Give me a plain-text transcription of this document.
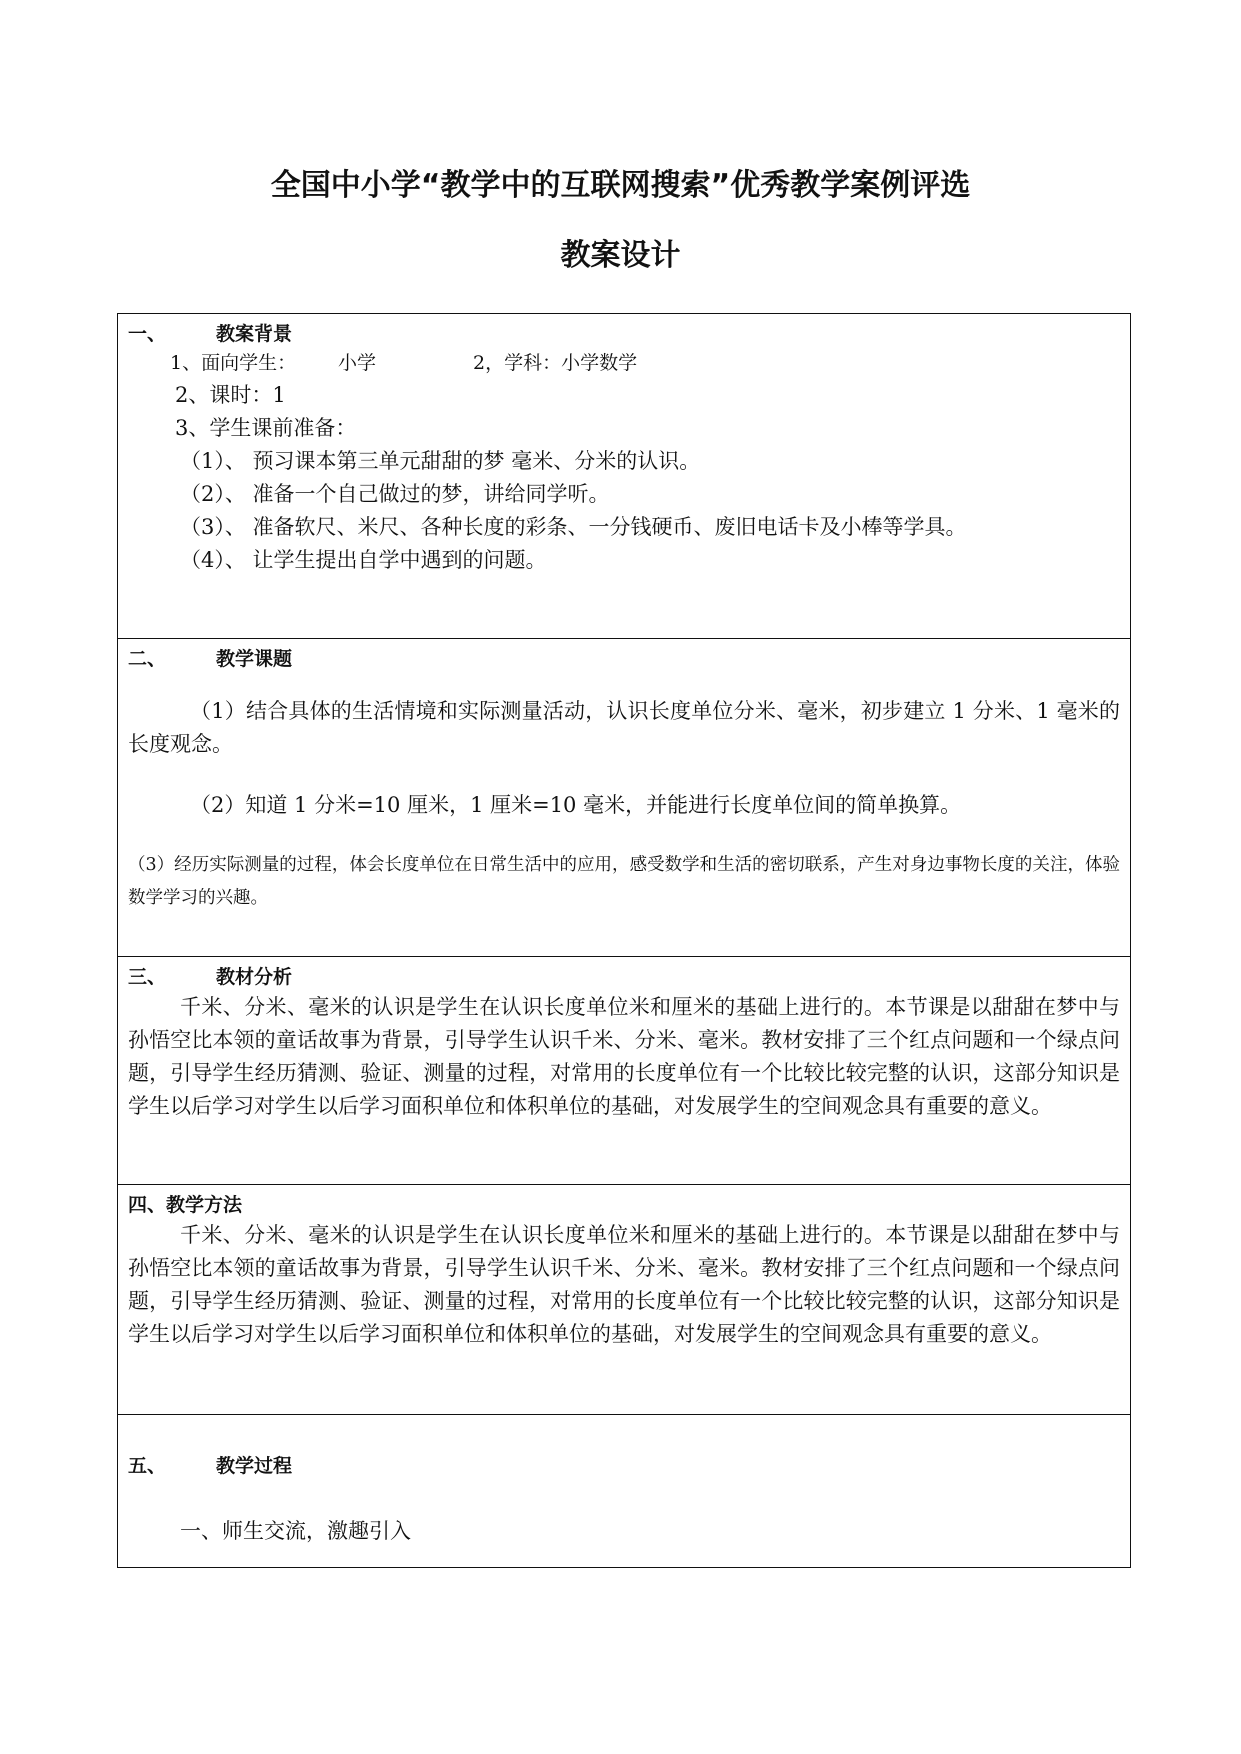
全国中小学“教学中的互联网搜索”优秀教学案例评选
教案设计
一、	教案背景
1、面向学生： 小学	2，学科：小学数学
2、课时：1
3、学生课前准备：
（1）、 预习课本第三单元甜甜的梦 毫米、分米的认识。
（2）、 准备一个自己做过的梦，讲给同学听。
（3）、 准备软尺、米尺、各种长度的彩条、一分钱硬币、废旧电话卡及小棒等学具。
（4）、 让学生提出自学中遇到的问题。
二、	教学课题
（1）结合具体的生活情境和实际测量活动，认识长度单位分米、毫米，初步建立 1 分米、1 毫米的长度观念。
（2）知道 1 分米=10 厘米，1 厘米=10 毫米，并能进行长度单位间的简单换算。
（3）经历实际测量的过程，体会长度单位在日常生活中的应用，感受数学和生活的密切联系，产生对身边事物长度的关注，体验数学学习的兴趣。
三、	教材分析
千米、分米、毫米的认识是学生在认识长度单位米和厘米的基础上进行的。本节课是以甜甜在梦中与孙悟空比本领的童话故事为背景，引导学生认识千米、分米、毫米。教材安排了三个红点问题和一个绿点问题，引导学生经历猜测、验证、测量的过程，对常用的长度单位有一个比较比较完整的认识，这部分知识是学生以后学习对学生以后学习面积单位和体积单位的基础，对发展学生的空间观念具有重要的意义。
四、教学方法
千米、分米、毫米的认识是学生在认识长度单位米和厘米的基础上进行的。本节课是以甜甜在梦中与孙悟空比本领的童话故事为背景，引导学生认识千米、分米、毫米。教材安排了三个红点问题和一个绿点问题，引导学生经历猜测、验证、测量的过程，对常用的长度单位有一个比较比较完整的认识，这部分知识是学生以后学习对学生以后学习面积单位和体积单位的基础，对发展学生的空间观念具有重要的意义。
五、	教学过程
一、师生交流，激趣引入
